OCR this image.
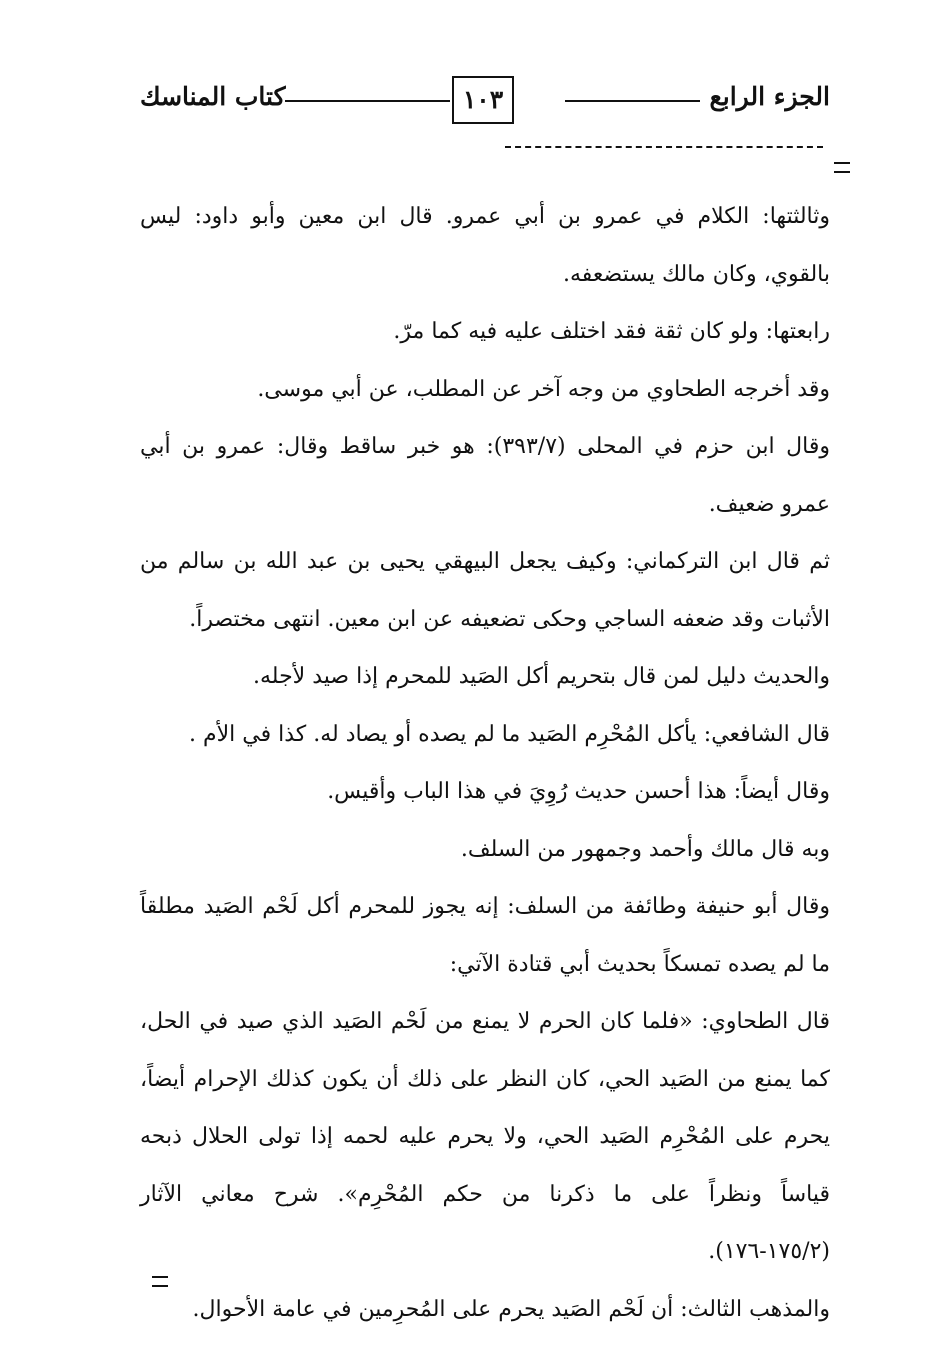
الجزء الرابع
١٠٣
كتاب المناسك

وثالثتها: الكلام في عمرو بن أبي عمرو. قال ابن معين وأبو داود: ليس بالقوي، وكان مالك يستضعفه.

رابعتها: ولو كان ثقة فقد اختلف عليه فيه كما مرّ.

وقد أخرجه الطحاوي من وجه آخر عن المطلب، عن أبي موسى.

وقال ابن حزم في المحلى (٣٩٣/٧): هو خبر ساقط وقال: عمرو بن أبي عمرو ضعيف.

ثم قال ابن التركماني: وكيف يجعل البيهقي يحيى بن عبد الله بن سالم من الأثبات وقد ضعفه الساجي وحكى تضعيفه عن ابن معين. انتهى مختصراً.

والحديث دليل لمن قال بتحريم أكل الصَيد للمحرم إذا صيد لأجله.

قال الشافعي: يأكل المُحْرِم الصَيد ما لم يصده أو يصاد له. كذا في الأم .

وقال أيضاً: هذا أحسن حديث رُوِيَ في هذا الباب وأقيس.

وبه قال مالك وأحمد وجمهور من السلف.

وقال أبو حنيفة وطائفة من السلف: إنه يجوز للمحرم أكل لَحْم الصَيد مطلقاً ما لم يصده تمسكاً بحديث أبي قتادة الآتي:

قال الطحاوي: «فلما كان الحرم لا يمنع من لَحْم الصَيد الذي صيد في الحل، كما يمنع من الصَيد الحي، كان النظر على ذلك أن يكون كذلك الإحرام أيضاً، يحرم على المُحْرِم الصَيد الحي، ولا يحرم عليه لحمه إذا تولى الحلال ذبحه قياساً ونظراً على ما ذكرنا من حكم المُحْرِم». شرح معاني الآثار (١٧٥/٢-١٧٦).

والمذهب الثالث: أن لَحْم الصَيد يحرم على المُحرِمين في عامة الأحوال.
